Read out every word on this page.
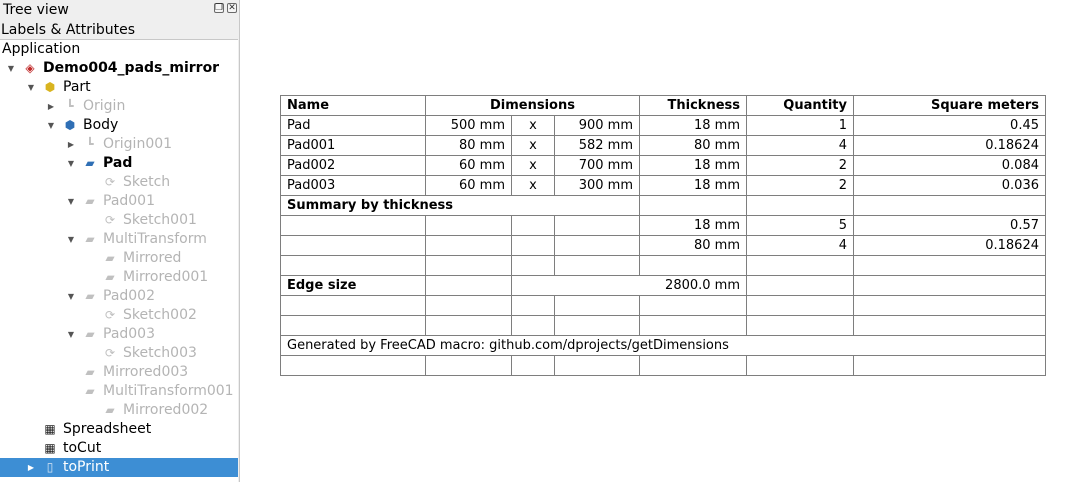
Tree view	❐ ✕
Labels & Attributes
Application
▼ ◈ Demo004_pads_mirror
▼ ⬢ Part
▶	┗ Origin
▼ ⬢ Body
▶	┗ Origin001
▼ ▰ Pad
⟳ Sketch
▼ ▰ Pad001
⟳ Sketch001
▼ ▰ MultiTransform
▰ Mirrored
▰ Mirrored001
▼ ▰ Pad002
⟳ Sketch002
▼ ▰ Pad003
⟳ Sketch003
▰ Mirrored003
▰ MultiTransform001
▰ Mirrored002
▦ Spreadsheet
▦ toCut
▶	▯ toPrint
Name	Dimensions			Thickness	Quantity	Square meters
Pad	500 mm	x	900 mm	18 mm	1	0.45
Pad001	80 mm	x	582 mm	80 mm	4	0.18624
Pad002	60 mm	x	700 mm	18 mm	2	0.084
Pad003	60 mm	x	300 mm	18 mm	2	0.036
Summary by thickness						
				18 mm	5	0.57
				80 mm	4	0.18624

Edge size		2800.0 mm				

Generated by FreeCAD macro: github.com/dprojects/getDimensions						
